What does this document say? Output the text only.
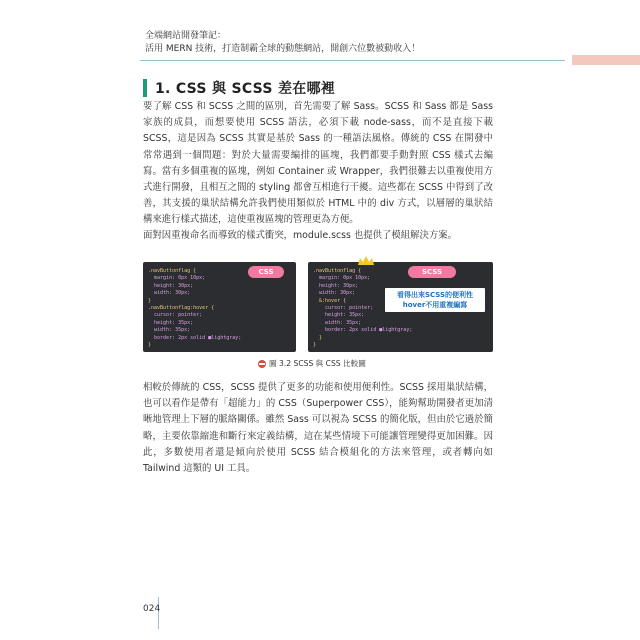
全端網站開發筆記：
活用 MERN 技術，打造制霸全球的動態網站，開創六位數被動收入！
1. CSS 與 SCSS 差在哪裡
要了解 CSS 和 SCSS 之間的區別，首先需要了解 Sass。SCSS 和 Sass 都是 Sass 家族的成員，而想要使用 SCSS 語法，必須下載 node-sass，而不是直接下載 SCSS，這是因為 SCSS 其實是基於 Sass 的一種語法風格。傳統的 CSS 在開發中常常遇到一個問題：對於大量需要編排的區塊，我們都要手動對照 CSS 樣式去編寫。當有多個重複的區塊，例如 Container 或 Wrapper，我們很難去以重複使用方式進行開發，且相互之間的 styling 都會互相進行干擾。這些都在 SCSS 中得到了改善，其支援的巢狀結構允許我們使用類似於 HTML 中的 div 方式，以層層的巢狀結構來進行樣式描述，這使重複區塊的管理更為方便。
.navButtonflag {
margin: 0px 10px;
height: 30px;
width: 30px;
}
.navButtonflag:hover {
cursor: pointer;
height: 35px;
width: 35px;
border: 2px solid ■lightgray;
}
.navButtonflag {
margin: 0px 10px;
height: 30px;
width: 30px;
&:hover {
cursor: pointer;
height: 35px;
width: 35px;
border: 2px solid ■lightgray;
}
}
CSS	SCSS
看得出來SCSS的便利性 hover不用重複編寫
面對因重複命名而導致的樣式衝突，module.scss 也提供了模組解決方案。
圖 3.2 SCSS 與 CSS 比較圖
相較於傳統的 CSS，SCSS 提供了更多的功能和使用便利性。SCSS 採用巢狀結構，也可以看作是帶有「超能力」的 CSS（Superpower CSS），能夠幫助開發者更加清晰地管理上下層的脈絡關係。雖然 Sass 可以視為 SCSS 的簡化版，但由於它過於簡略，主要依靠縮進和斷行來定義結構，這在某些情境下可能讓管理變得更加困難。因此，多數使用者還是傾向於使用 SCSS 結合模組化的方法來管理，或者轉向如 Tailwind 這類的 UI 工具。
024
